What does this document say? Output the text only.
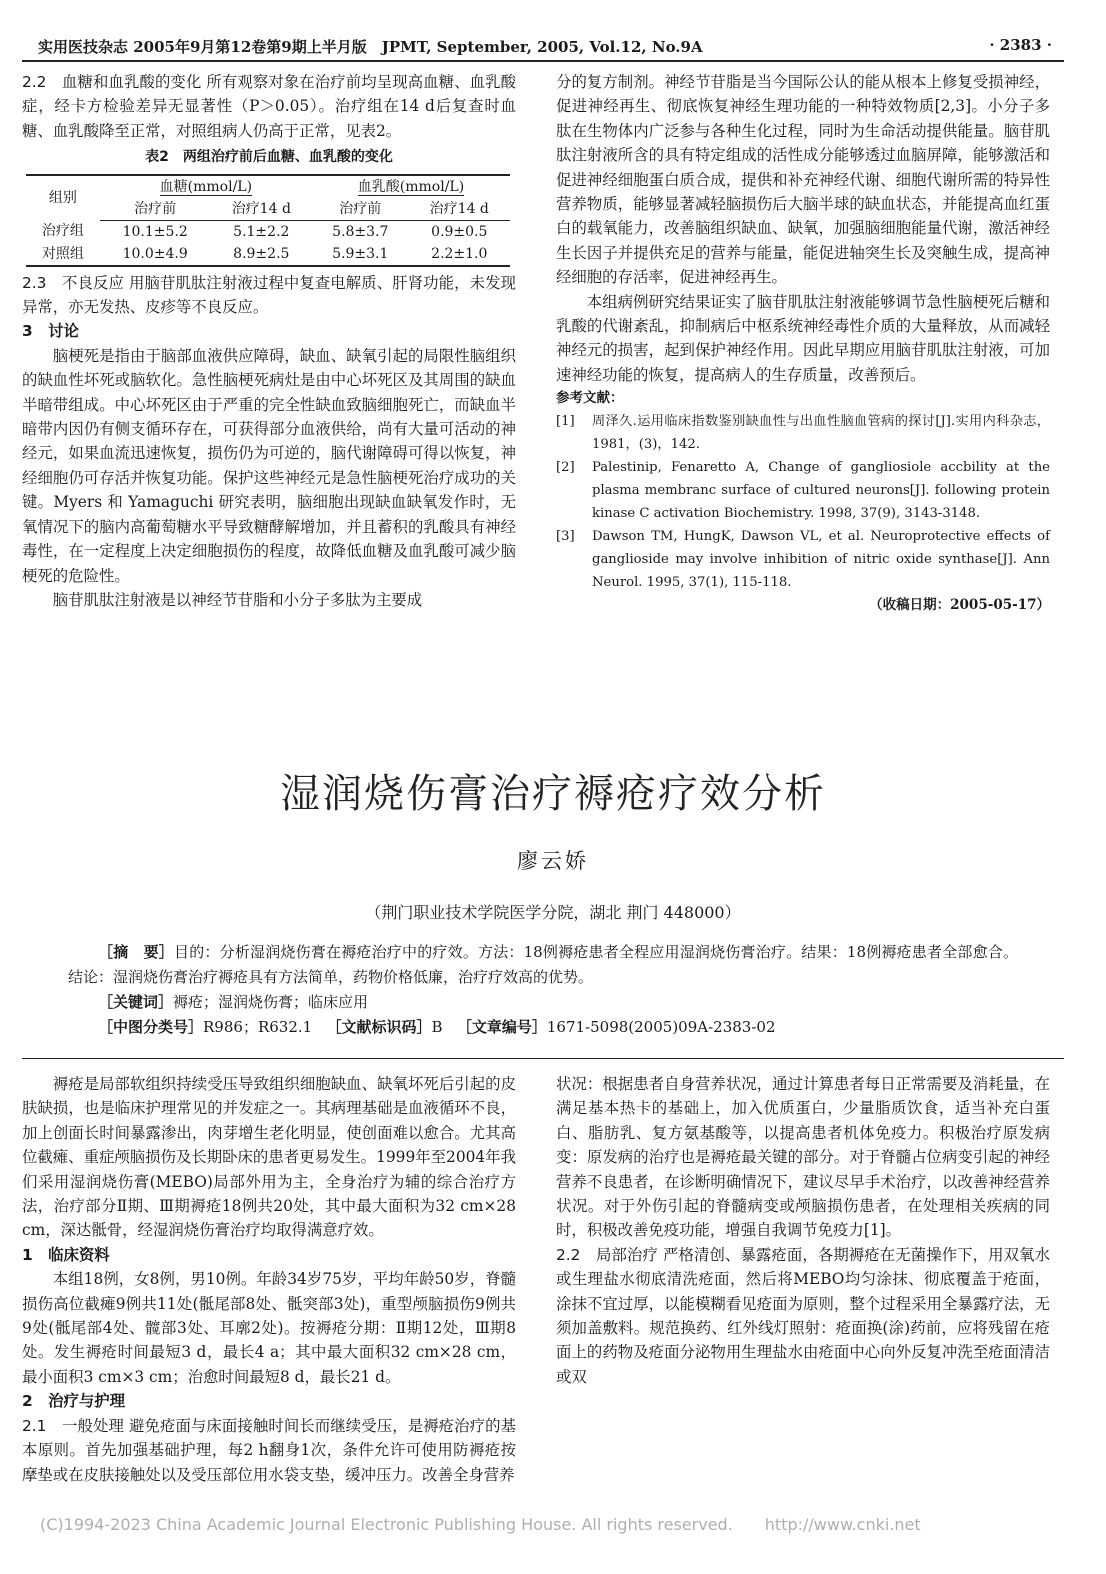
实用医技杂志 2005年9月第12卷第9期上半月版　JPMT, September, 2005, Vol.12, No.9A	· 2383 ·

2.2　血糖和血乳酸的变化 所有观察对象在治疗前均呈现高血糖、血乳酸症，经卡方检验差异无显著性（P＞0.05）。治疗组在14 d后复查时血糖、血乳酸降至正常，对照组病人仍高于正常，见表2。

表2　两组治疗前后血糖、血乳酸的变化
组别	血糖(mmol/L)		血乳酸(mmol/L)	
	治疗前	治疗14 d	治疗前	治疗14 d
治疗组	10.1±5.2	5.1±2.2	5.8±3.7	0.9±0.5
对照组	10.0±4.9	8.9±2.5	5.9±3.1	2.2±1.0

2.3　不良反应 用脑苷肌肽注射液过程中复查电解质、肝肾功能，未发现异常，亦无发热、皮疹等不良反应。

3　讨论

脑梗死是指由于脑部血液供应障碍，缺血、缺氧引起的局限性脑组织的缺血性坏死或脑软化。急性脑梗死病灶是由中心坏死区及其周围的缺血半暗带组成。中心坏死区由于严重的完全性缺血致脑细胞死亡，而缺血半暗带内因仍有侧支循环存在，可获得部分血液供给，尚有大量可活动的神经元，如果血流迅速恢复，损伤仍为可逆的，脑代谢障碍可得以恢复，神经细胞仍可存活并恢复功能。保护这些神经元是急性脑梗死治疗成功的关键。Myers 和 Yamaguchi 研究表明，脑细胞出现缺血缺氧发作时，无氧情况下的脑内高葡萄糖水平导致糖酵解增加，并且蓄积的乳酸具有神经毒性，在一定程度上决定细胞损伤的程度，故降低血糖及血乳酸可减少脑梗死的危险性。

脑苷肌肽注射液是以神经节苷脂和小分子多肽为主要成

分的复方制剂。神经节苷脂是当今国际公认的能从根本上修复受损神经，促进神经再生、彻底恢复神经生理功能的一种特效物质[2,3]。小分子多肽在生物体内广泛参与各种生化过程，同时为生命活动提供能量。脑苷肌肽注射液所含的具有特定组成的活性成分能够透过血脑屏障，能够激活和促进神经细胞蛋白质合成，提供和补充神经代谢、细胞代谢所需的特异性营养物质，能够显著减轻脑损伤后大脑半球的缺血状态，并能提高血红蛋白的载氧能力，改善脑组织缺血、缺氧，加强脑细胞能量代谢，激活神经生长因子并提供充足的营养与能量，能促进轴突生长及突触生成，提高神经细胞的存活率，促进神经再生。

本组病例研究结果证实了脑苷肌肽注射液能够调节急性脑梗死后糖和乳酸的代谢紊乱，抑制病后中枢系统神经毒性介质的大量释放，从而减轻神经元的损害，起到保护神经作用。因此早期应用脑苷肌肽注射液，可加速神经功能的恢复，提高病人的生存质量，改善预后。

参考文献：
[1]	周泽久.运用临床指数鉴别缺血性与出血性脑血管病的探讨[J].实用内科杂志，1981，(3)，142.
[2]	Palestinip, Fenaretto A, Change of gangliosiole accbility at the plasma membranc surface of cultured neurons[J]. following protein kinase C activation Biochemistry. 1998, 37(9), 3143-3148.
[3]	Dawson TM, HungK, Dawson VL, et al. Neuroprotective effects of ganglioside may involve inhibition of nitric oxide synthase[J]. Ann Neurol. 1995, 37(1), 115-118.
（收稿日期：2005-05-17）
湿润烧伤膏治疗褥疮疗效分析
廖云娇
（荆门职业技术学院医学分院，湖北 荆门 448000）

［摘　要］目的：分析湿润烧伤膏在褥疮治疗中的疗效。方法：18例褥疮患者全程应用湿润烧伤膏治疗。结果：18例褥疮患者全部愈合。结论：湿润烧伤膏治疗褥疮具有方法简单，药物价格低廉，治疗疗效高的优势。

［关键词］褥疮；湿润烧伤膏；临床应用

［中图分类号］R986；R632.1 ［文献标识码］B ［文章编号］1671-5098(2005)09A-2383-02

褥疮是局部软组织持续受压导致组织细胞缺血、缺氧坏死后引起的皮肤缺损，也是临床护理常见的并发症之一。其病理基础是血液循环不良，加上创面长时间暴露渗出，肉芽增生老化明显，使创面难以愈合。尤其高位截瘫、重症颅脑损伤及长期卧床的患者更易发生。1999年至2004年我们采用湿润烧伤膏(MEBO)局部外用为主，全身治疗为辅的综合治疗方法，治疗部分Ⅱ期、Ⅲ期褥疮18例共20处，其中最大面积为32 cm×28 cm，深达骶骨，经湿润烧伤膏治疗均取得满意疗效。

1　临床资料

本组18例，女8例，男10例。年龄34岁75岁，平均年龄50岁，脊髓损伤高位截瘫9例共11处(骶尾部8处、骶突部3处)，重型颅脑损伤9例共9处(骶尾部4处、髋部3处、耳廓2处)。按褥疮分期：Ⅱ期12处，Ⅲ期8处。发生褥疮时间最短3 d，最长4 a；其中最大面积32 cm×28 cm，最小面积3 cm×3 cm；治愈时间最短8 d，最长21 d。

2　治疗与护理

2.1　一般处理 避免疮面与床面接触时间长而继续受压，是褥疮治疗的基本原则。首先加强基础护理，每2 h翻身1次，条件允许可使用防褥疮按摩垫或在皮肤接触处以及受压部位用水袋支垫，缓冲压力。改善全身营养

状况：根据患者自身营养状况，通过计算患者每日正常需要及消耗量，在满足基本热卡的基础上，加入优质蛋白，少量脂质饮食，适当补充白蛋白、脂肪乳、复方氨基酸等，以提高患者机体免疫力。积极治疗原发病变：原发病的治疗也是褥疮最关键的部分。对于脊髓占位病变引起的神经营养不良患者，在诊断明确情况下，建议尽早手术治疗，以改善神经营养状况。对于外伤引起的脊髓病变或颅脑损伤患者，在处理相关疾病的同时，积极改善免疫功能，增强自我调节免疫力[1]。

2.2　局部治疗 严格清创、暴露疮面，各期褥疮在无菌操作下，用双氧水或生理盐水彻底清洗疮面，然后将MEBO均匀涂抹、彻底覆盖于疮面，涂抹不宜过厚，以能模糊看见疮面为原则，整个过程采用全暴露疗法，无须加盖敷料。规范换药、红外线灯照射：疮面换(涂)药前，应将残留在疮面上的药物及疮面分泌物用生理盐水由疮面中心向外反复冲洗至疮面清洁或双

(C)1994-2023 China Academic Journal Electronic Publishing House. All rights reserved.　　http://www.cnki.net
